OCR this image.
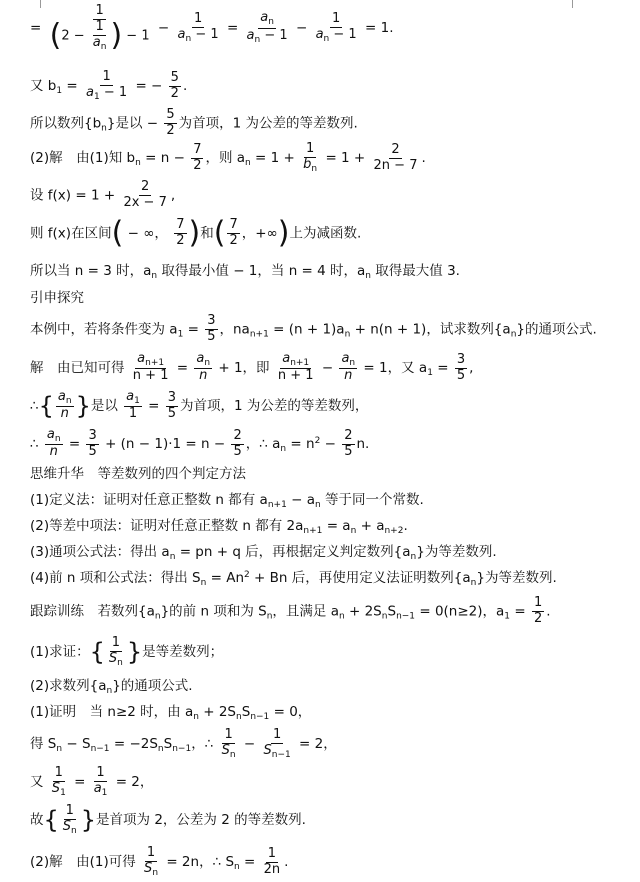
= $\frac{1}{(2 - \frac{1}{a_n} ) - 1} - \frac{1}{a_n - 1} = \frac{a_n}{a_n - 1} - \frac{1}{a_n - 1} = 1$.
又 $b_1 = \frac{1}{a_1 - 1}$ = − $\frac{5}{2}$ .
所以数列$\{b_n\}$是以 − $\frac{5}{2}$ 为首项，1 为公差的等差数列.
(2)解　由(1)知 $b_n = n - \frac{7}{2}$ ，则 $a_n = 1 + \frac{1}{b_n} = 1 + \frac{2}{2n - 7}$ .
设 $f(x) = 1 + \frac{2}{2x - 7}$ ,
则 f(x)在区间( − ∞， $\frac{7}{2}$ )和( $\frac{7}{2}$ ，+∞)上为减函数.
所以当 n = 3 时，$a_n$ 取得最小值 − 1，当 n = 4 时，$a_n$ 取得最大值 3.
引申探究
本例中，若将条件变为 $a_1 = \frac{3}{5}$ ，$na_{n+1} = (n + 1)a_n + n(n + 1)$，试求数列$\{a_n\}$的通项公式.
解　由已知可得 $\frac{a_{n+1}}{n + 1} = \frac{a_n}{n} + 1$，即 $\frac{a_{n+1}}{n + 1} - \frac{a_n}{n} = 1$，又 $a_1 = \frac{3}{5}$ ,
∴{ $\frac{a_n}{n}$ }是以 $\frac{a_1}{1} = \frac{3}{5}$ 为首项，1 为公差的等差数列，
∴ $\frac{a_n}{n} = \frac{3}{5} + (n - 1)\cdot 1 = n - \frac{2}{5}$ ，∴ $a_n = n^2 - \frac{2}{5} n$.
思维升华　等差数列的四个判定方法
(1)定义法：证明对任意正整数 n 都有 $a_{n+1} - a_n$ 等于同一个常数.
(2)等差中项法：证明对任意正整数 n 都有 $2a_{n+1} = a_n + a_{n+2}$.
(3)通项公式法：得出 $a_n$ = pn + q 后，再根据定义判定数列$\{a_n\}$为等差数列.
(4)前 n 项和公式法：得出 $S_n = An^2 + Bn$ 后，再使用定义法证明数列$\{a_n\}$为等差数列.
跟踪训练　若数列$\{a_n\}$的前 n 项和为 $S_n$，且满足 $a_n + 2S_nS_{n-1} = 0(n\ge 2)$，$a_1 = \frac{1}{2}$ .
(1)求证：{ $\frac{1}{S_n}$ }是等差数列；
(2)求数列$\{a_n\}$的通项公式.
(1)证明　当 n≥2 时，由 $a_n + 2S_nS_{n-1} = 0$，
得 $S_n - S_{n-1} = -2S_nS_{n-1}$，∴ $\frac{1}{S_n} - \frac{1}{S_{n-1}} = 2$，
又 $\frac{1}{S_1} = \frac{1}{a_1} = 2$，
故{ $\frac{1}{S_n}$ }是首项为 2，公差为 2 的等差数列.
(2)解　由(1)可得 $\frac{1}{S_n} = 2n$，∴ $S_n = \frac{1}{2n}$ .
